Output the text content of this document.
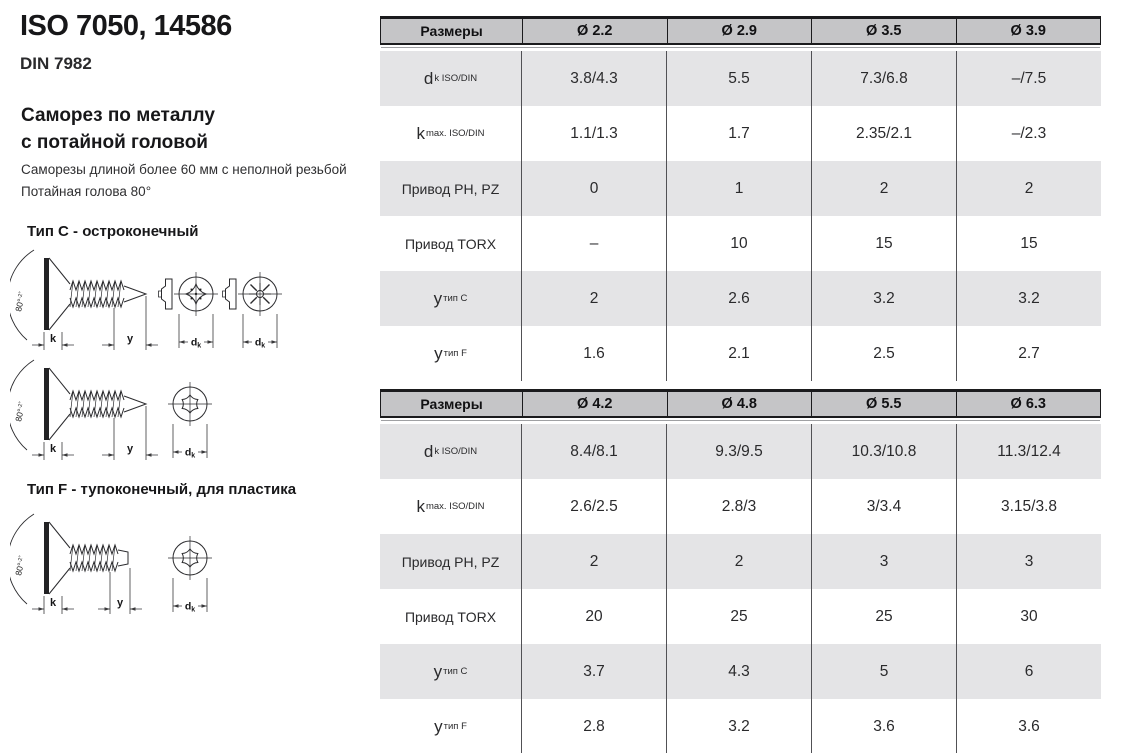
ISO 7050, 14586
DIN 7982
Саморез по металлу
с потайной головой
Саморезы длиной более 60 мм с неполной резьбой
Потайная голова 80°
Тип С - остроконечный
Тип F - тупоконечный, для пластика
Размеры	Ø 2.2	Ø 2.9	Ø 3.5	Ø 3.9
d k ISO/DIN	3.8/4.3	5.5	7.3/6.8	–/7.5
k max. ISO/DIN	1.1/1.3	1.7	2.35/2.1	–/2.3
Привод PH, PZ	0	1	2	2
Привод TORX	–	10	15	15
y тип C	2	2.6	3.2	3.2
y тип F	1.6	2.1	2.5	2.7
Размеры	Ø 4.2	Ø 4.8	Ø 5.5	Ø 6.3
d k ISO/DIN	8.4/8.1	9.3/9.5	10.3/10.8	11.3/12.4
k max. ISO/DIN	2.6/2.5	2.8/3	3/3.4	3.15/3.8
Привод PH, PZ	2	2	3	3
Привод TORX	20	25	25	30
y тип C	3.7	4.3	5	6
y тип F	2.8	3.2	3.6	3.6
